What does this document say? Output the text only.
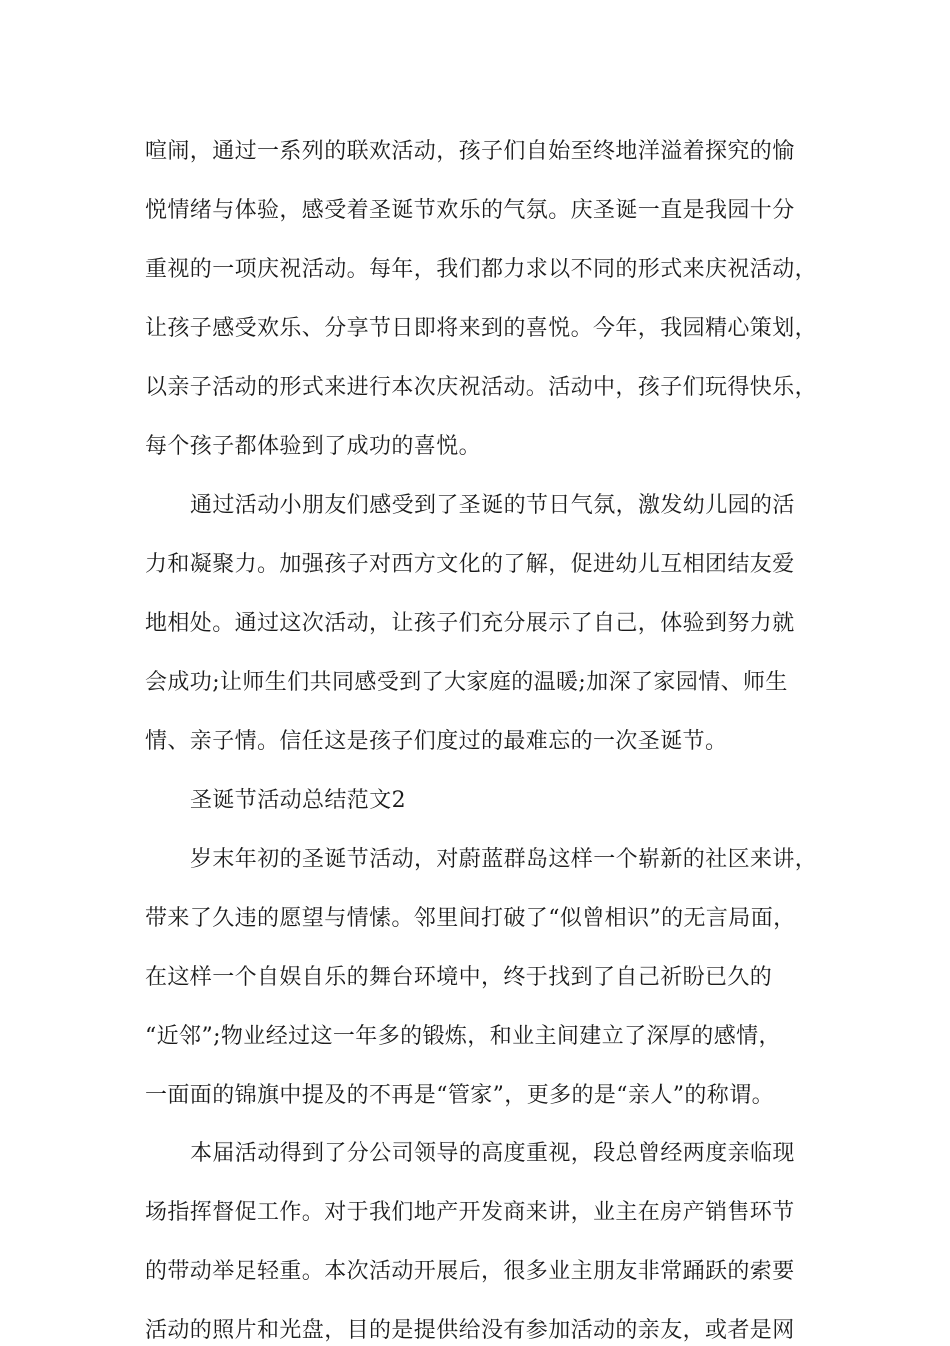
喧闹，通过一系列的联欢活动，孩子们自始至终地洋溢着探究的愉
悦情绪与体验，感受着圣诞节欢乐的气氛。庆圣诞一直是我园十分
重视的一项庆祝活动。每年，我们都力求以不同的形式来庆祝活动，
让孩子感受欢乐、分享节日即将来到的喜悦。今年，我园精心策划，
以亲子活动的形式来进行本次庆祝活动。活动中，孩子们玩得快乐，
每个孩子都体验到了成功的喜悦。
通过活动小朋友们感受到了圣诞的节日气氛，激发幼儿园的活
力和凝聚力。加强孩子对西方文化的了解，促进幼儿互相团结友爱
地相处。通过这次活动，让孩子们充分展示了自己，体验到努力就
会成功;让师生们共同感受到了大家庭的温暖;加深了家园情、师生
情、亲子情。信任这是孩子们度过的最难忘的一次圣诞节。
圣诞节活动总结范文2
岁末年初的圣诞节活动，对蔚蓝群岛这样一个崭新的社区来讲，
带来了久违的愿望与情愫。邻里间打破了“似曾相识”的无言局面，
在这样一个自娱自乐的舞台环境中，终于找到了自己祈盼已久的
“近邻”;物业经过这一年多的锻炼，和业主间建立了深厚的感情，
一面面的锦旗中提及的不再是“管家”，更多的是“亲人”的称谓。
本届活动得到了分公司领导的高度重视，段总曾经两度亲临现
场指挥督促工作。对于我们地产开发商来讲，业主在房产销售环节
的带动举足轻重。本次活动开展后，很多业主朋友非常踊跃的索要
活动的照片和光盘，目的是提供给没有参加活动的亲友，或者是网
